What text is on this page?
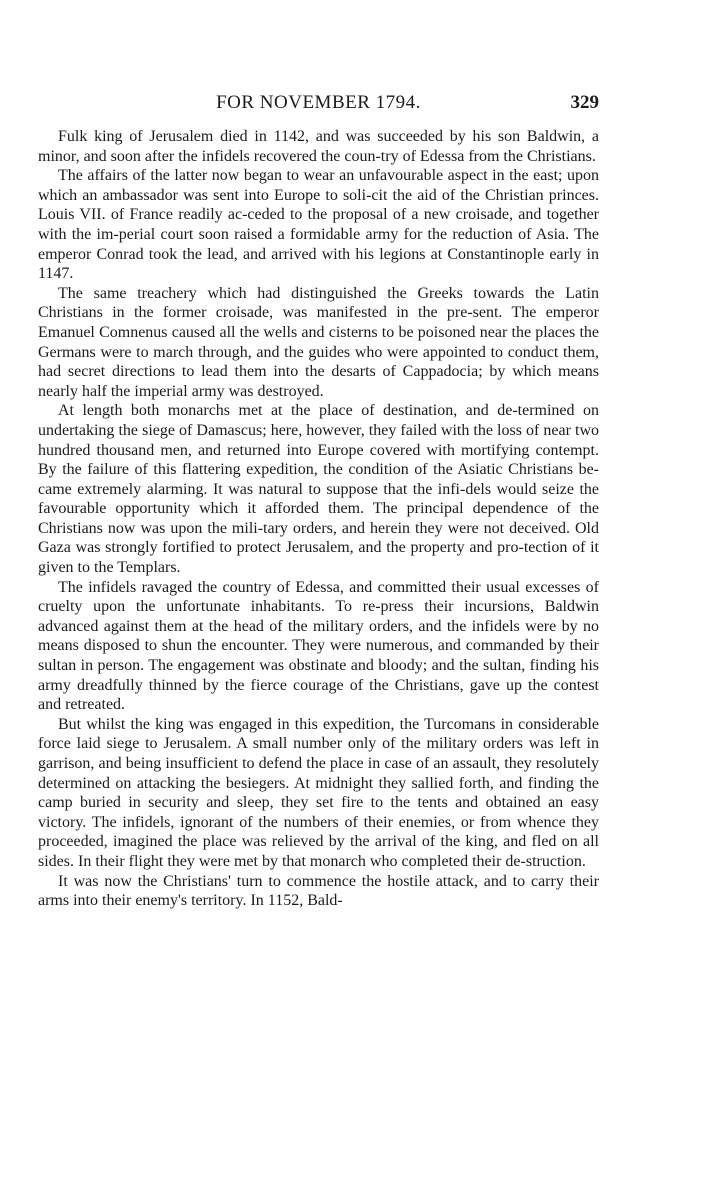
FOR NOVEMBER 1794.	329

Fulk king of Jerusalem died in 1142, and was succeeded by his son Baldwin, a minor, and soon after the infidels recovered the coun-try of Edessa from the Christians.

The affairs of the latter now began to wear an unfavourable aspect in the east; upon which an ambassador was sent into Europe to soli-cit the aid of the Christian princes. Louis VII. of France readily ac-ceded to the proposal of a new croisade, and together with the im-perial court soon raised a formidable army for the reduction of Asia. The emperor Conrad took the lead, and arrived with his legions at Constantinople early in 1147.

The same treachery which had distinguished the Greeks towards the Latin Christians in the former croisade, was manifested in the pre-sent. The emperor Emanuel Comnenus caused all the wells and cisterns to be poisoned near the places the Germans were to march through, and the guides who were appointed to conduct them, had secret directions to lead them into the desarts of Cappadocia; by which means nearly half the imperial army was destroyed.

At length both monarchs met at the place of destination, and de-termined on undertaking the siege of Damascus; here, however, they failed with the loss of near two hundred thousand men, and returned into Europe covered with mortifying contempt. By the failure of this flattering expedition, the condition of the Asiatic Christians be-came extremely alarming. It was natural to suppose that the infi-dels would seize the favourable opportunity which it afforded them. The principal dependence of the Christians now was upon the mili-tary orders, and herein they were not deceived. Old Gaza was strongly fortified to protect Jerusalem, and the property and pro-tection of it given to the Templars.

The infidels ravaged the country of Edessa, and committed their usual excesses of cruelty upon the unfortunate inhabitants. To re-press their incursions, Baldwin advanced against them at the head of the military orders, and the infidels were by no means disposed to shun the encounter. They were numerous, and commanded by their sultan in person. The engagement was obstinate and bloody; and the sultan, finding his army dreadfully thinned by the fierce courage of the Christians, gave up the contest and retreated.

But whilst the king was engaged in this expedition, the Turcomans in considerable force laid siege to Jerusalem. A small number only of the military orders was left in garrison, and being insufficient to defend the place in case of an assault, they resolutely determined on attacking the besiegers. At midnight they sallied forth, and finding the camp buried in security and sleep, they set fire to the tents and obtained an easy victory. The infidels, ignorant of the numbers of their enemies, or from whence they proceeded, imagined the place was relieved by the arrival of the king, and fled on all sides. In their flight they were met by that monarch who completed their de-struction.

It was now the Christians' turn to commence the hostile attack, and to carry their arms into their enemy's territory. In 1152, Bald-
